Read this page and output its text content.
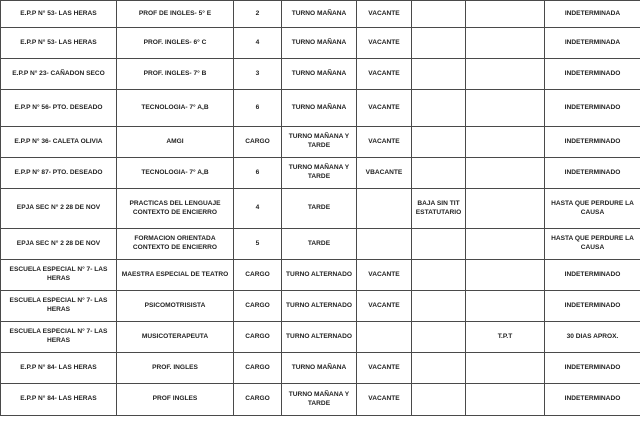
E.P.P N° 53- LAS HERAS	PROF DE INGLES- 5° E	2	TURNO MAÑANA	VACANTE			INDETERMINADA
E.P.P N° 53- LAS HERAS	PROF. INGLES- 6° C	4	TURNO MAÑANA	VACANTE			INDETERMINADA
E.P.P N° 23- CAÑADON SECO	PROF. INGLES- 7° B	3	TURNO MAÑANA	VACANTE			INDETERMINADO
E.P.P N° 56- PTO. DESEADO	TECNOLOGIA- 7° A,B	6	TURNO MAÑANA	VACANTE			INDETERMINADO
E.P.P N° 36- CALETA OLIVIA	AMGI	CARGO	TURNO MAÑANA Y TARDE	VACANTE			INDETERMINADO
E.P.P N° 87- PTO. DESEADO	TECNOLOGIA- 7° A,B	6	TURNO MAÑANA Y TARDE	VBACANTE			INDETERMINADO
EPJA SEC N° 2 28 DE NOV	PRACTICAS DEL LENGUAJE CONTEXTO DE ENCIERRO	4	TARDE		BAJA SIN TIT ESTATUTARIO		HASTA QUE PERDURE LA CAUSA
EPJA SEC N° 2 28 DE NOV	FORMACION ORIENTADA CONTEXTO DE ENCIERRO	5	TARDE				HASTA QUE PERDURE LA CAUSA
ESCUELA ESPECIAL N° 7- LAS HERAS	MAESTRA ESPECIAL DE TEATRO	CARGO	TURNO ALTERNADO	VACANTE			INDETERMINADO
ESCUELA ESPECIAL N° 7- LAS HERAS	PSICOMOTRISISTA	CARGO	TURNO ALTERNADO	VACANTE			INDETERMINADO
ESCUELA ESPECIAL N° 7- LAS HERAS	MUSICOTERAPEUTA	CARGO	TURNO ALTERNADO			T.P.T	30 DIAS APROX.
E.P.P N° 84- LAS HERAS	PROF. INGLES	CARGO	TURNO MAÑANA	VACANTE			INDETERMINADO
E.P.P N° 84- LAS HERAS	PROF INGLES	CARGO	TURNO MAÑANA Y TARDE	VACANTE			INDETERMINADO
